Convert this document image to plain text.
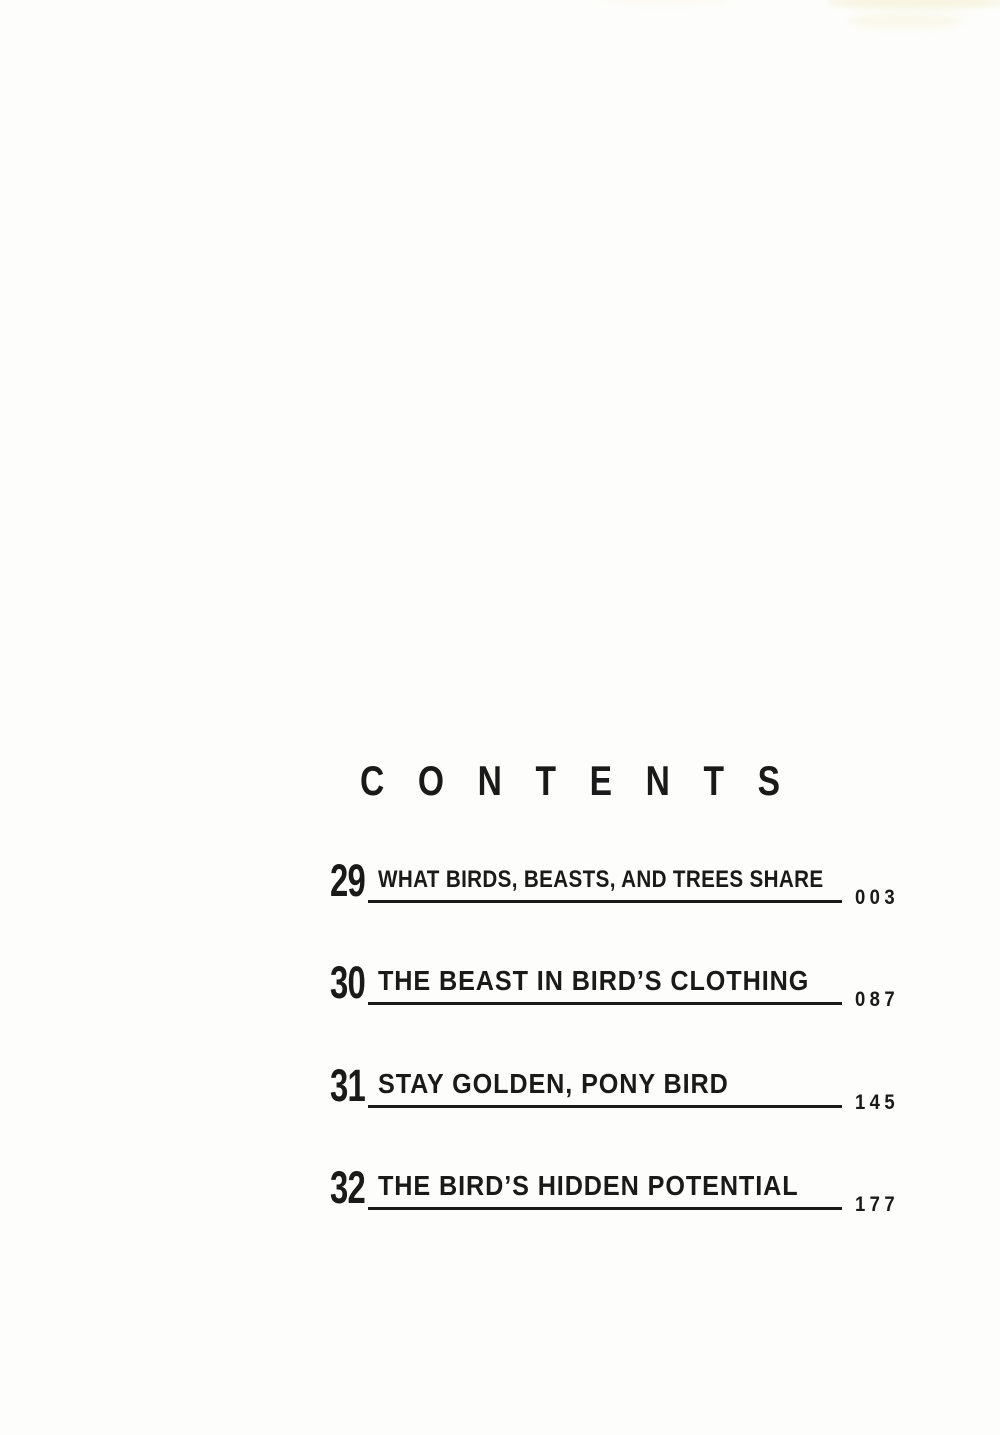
CONTENTS
29 WHAT BIRDS, BEASTS, AND TREES SHARE
003
30 THE BEAST IN BIRD’S CLOTHING
087
31 STAY GOLDEN, PONY BIRD
145
32 THE BIRD’S HIDDEN POTENTIAL
177
